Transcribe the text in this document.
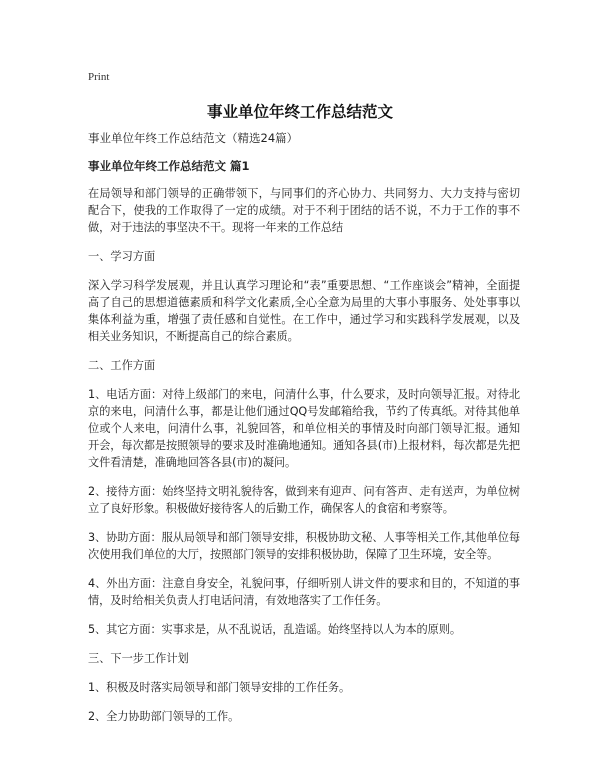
Print
事业单位年终工作总结范文
事业单位年终工作总结范文（精选24篇）
事业单位年终工作总结范文 篇1

在局领导和部门领导的正确带领下，与同事们的齐心协力、共同努力、大力支持与密切配合下，使我的工作取得了一定的成绩。对于不利于团结的话不说，不力于工作的事不做，对于违法的事坚决不干。现将一年来的工作总结

一、学习方面

深入学习科学发展观，并且认真学习理论和“表”重要思想、“工作座谈会”精神，全面提高了自己的思想道德素质和科学文化素质,全心全意为局里的大事小事服务、处处事事以集体利益为重，增强了责任感和自觉性。在工作中，通过学习和实践科学发展观，以及相关业务知识，不断提高自己的综合素质。

二、工作方面

1、电话方面：对待上级部门的来电，问清什么事，什么要求，及时向领导汇报。对待北京的来电，问清什么事，都是让他们通过QQ号发邮箱给我，节约了传真纸。对待其他单位或个人来电，问清什么事，礼貌回答，和单位相关的事情及时向部门领导汇报。通知开会，每次都是按照领导的要求及时准确地通知。通知各县(市)上报材料，每次都是先把文件看清楚，准确地回答各县(市)的凝问。

2、接待方面：始终坚持文明礼貌待客，做到来有迎声、问有答声、走有送声，为单位树立了良好形象。积极做好接待客人的后勤工作，确保客人的食宿和考察等。

3、协助方面：服从局领导和部门领导安排，积极协助文秘、人事等相关工作,其他单位每次使用我们单位的大厅，按照部门领导的安排积极协助，保障了卫生环境，安全等。

4、外出方面：注意自身安全，礼貌问事，仔细听别人讲文件的要求和目的，不知道的事情，及时给相关负责人打电话问清，有效地落实了工作任务。

5、其它方面：实事求是，从不乱说话，乱造谣。始终坚持以人为本的原则。

三、下一步工作计划

1、积极及时落实局领导和部门领导安排的工作任务。

2、全力协助部门领导的工作。
